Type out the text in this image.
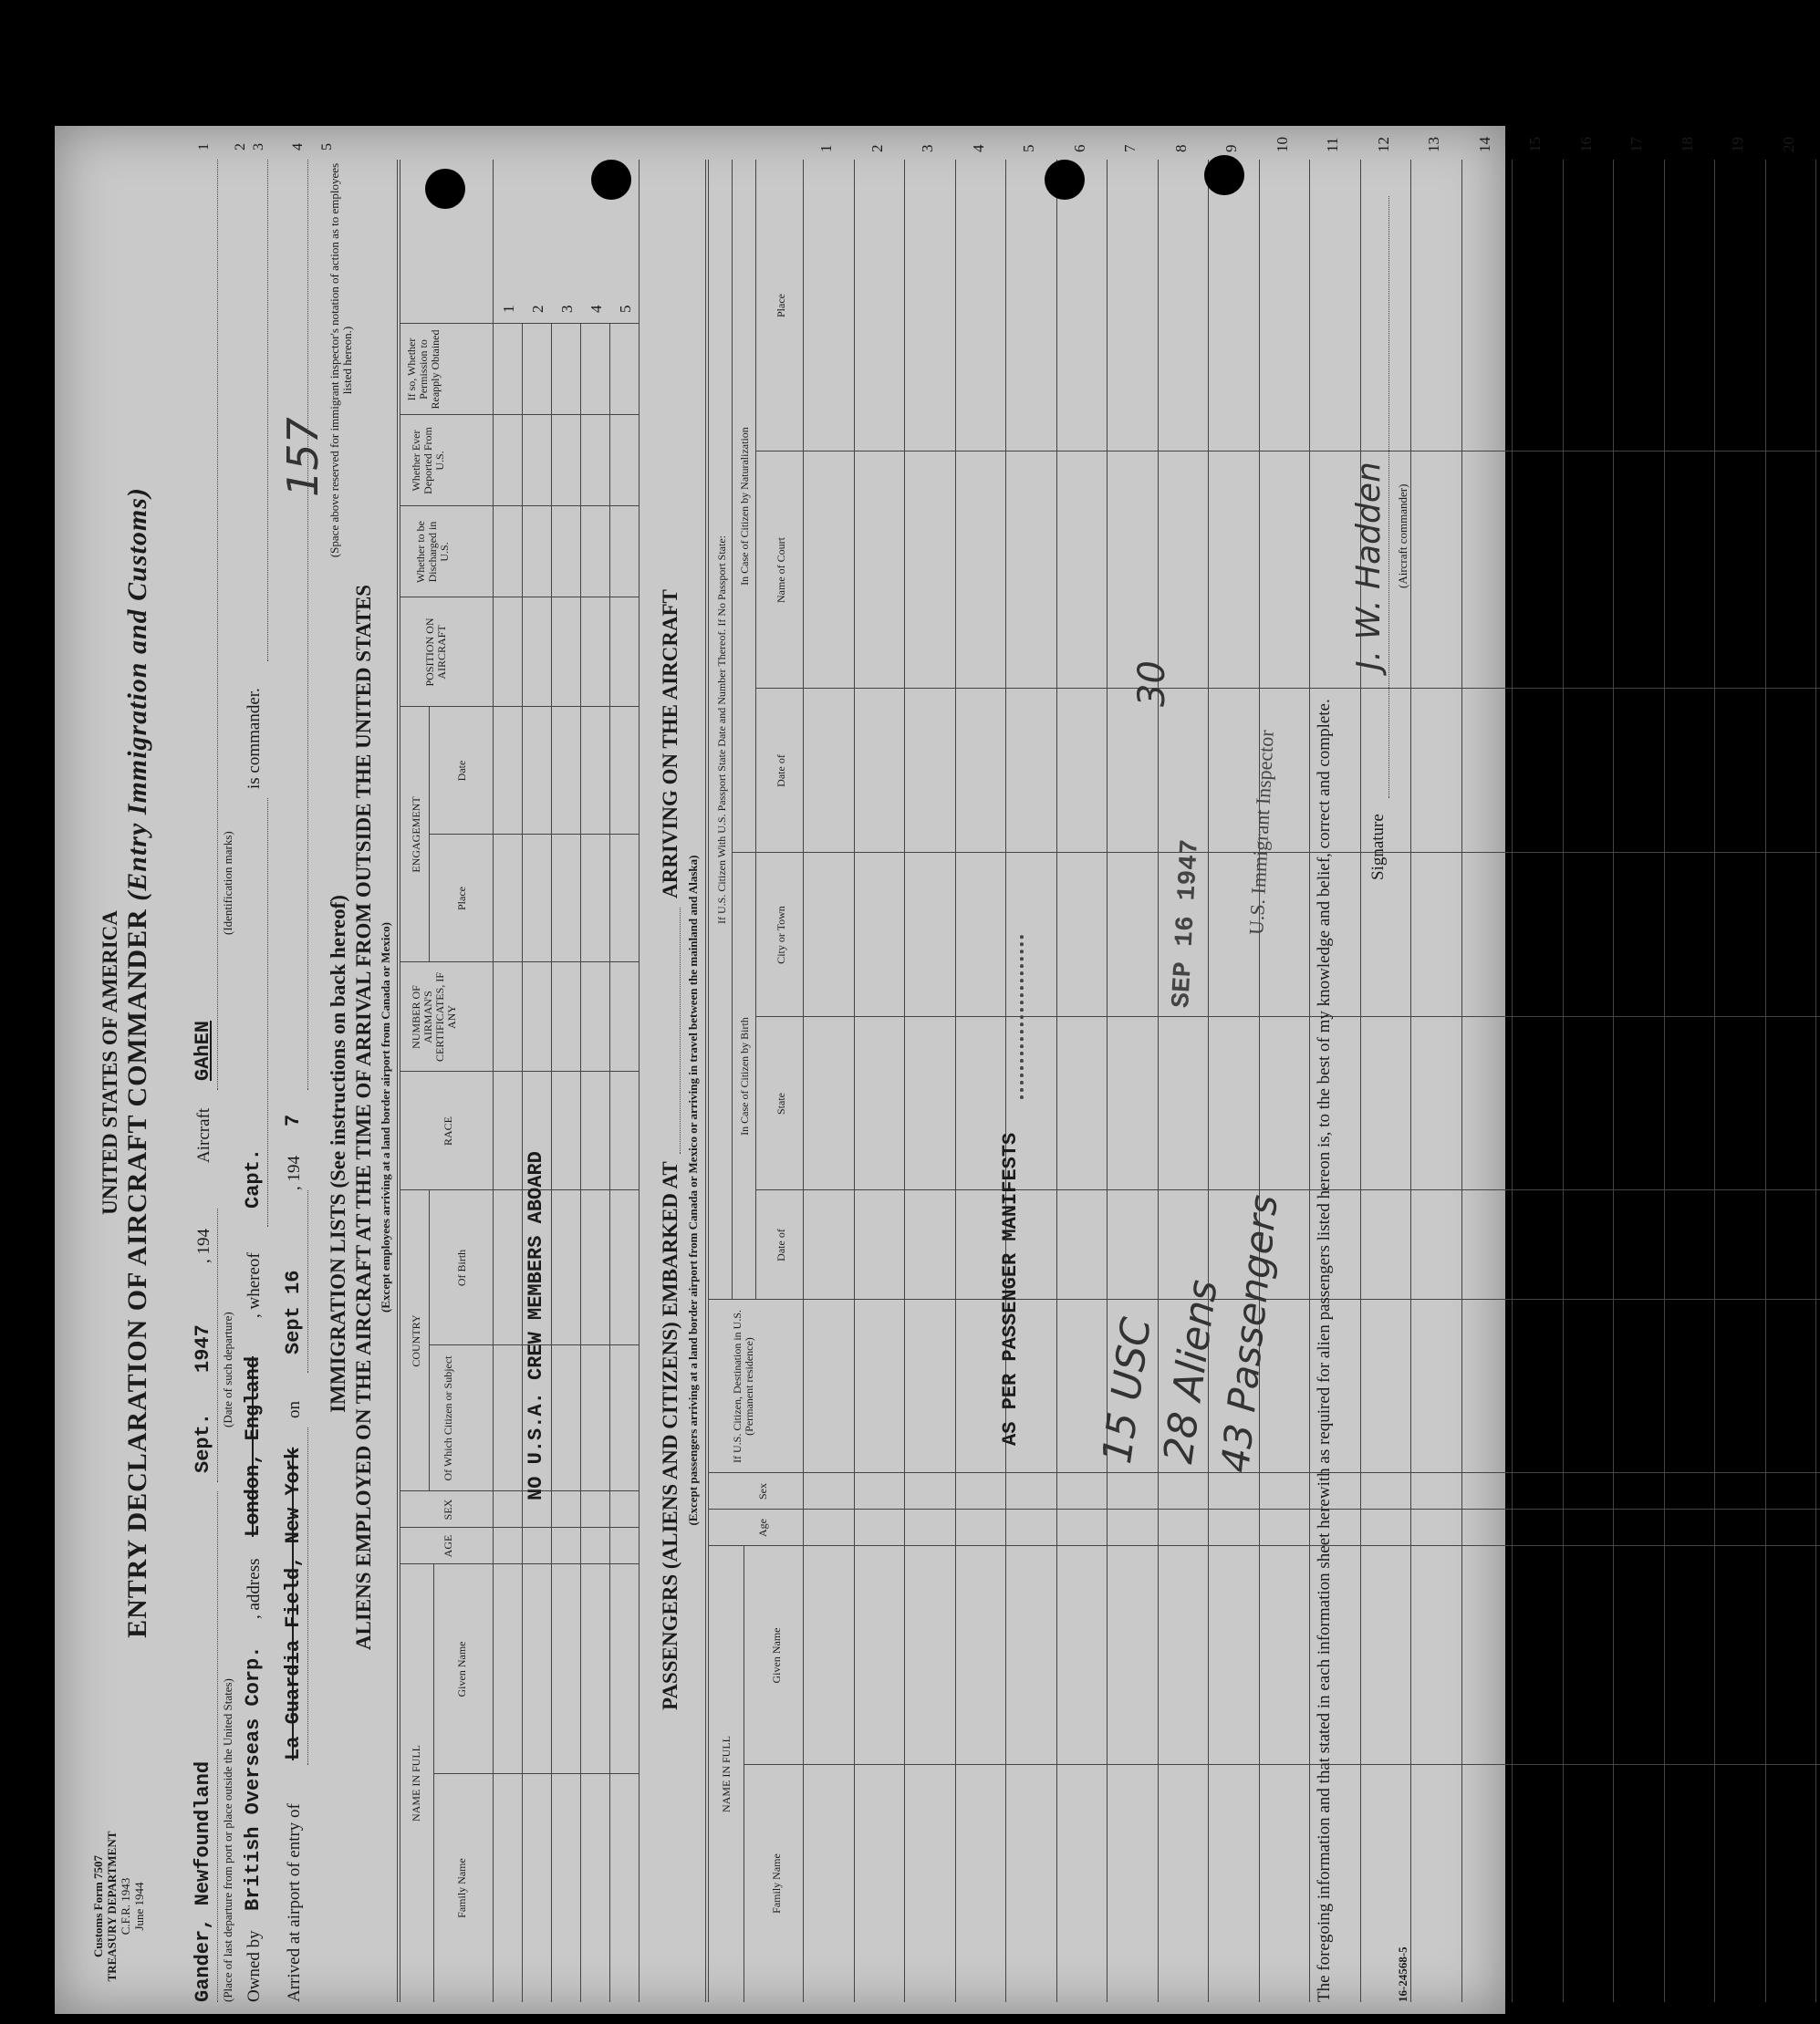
Customs Form 7507 TREASURY DEPARTMENT C.F.R. 1943 June 1944
UNITED STATES OF AMERICA ENTRY DECLARATION OF AIRCRAFT COMMANDER (Entry Immigration and Customs)
Gander, Newfoundland (Place of last departure from port or place outside the United States)
Sept.
1947
, 194
(Date of such departure)
Aircraft
GAhEN
(Identification marks)
Owned by
British Overseas Corp.
, address
London, England
, whereof
Capt.
is commander.
Arrived at airport of entry of
La Guardia Field, New York
on
Sept 16
, 194
7
1 2 3 4 5
157 (Space above reserved for immigrant inspector's notation of action as to employees listed hereon.)
IMMIGRATION LISTS (See instructions on back hereof) ALIENS EMPLOYED ON THE AIRCRAFT AT THE TIME OF ARRIVAL FROM OUTSIDE THE UNITED STATES (Except employees arriving at a land border airport from Canada or Mexico)
NAME IN FULL
Family Name
Given Name
AGE
SEX
COUNTRY
Of Which Citizen or Subject
Of Birth
RACE
NUMBER OF AIRMAN'S CERTIFICATES, IF ANY
ENGAGEMENT
Place
Date
POSITION ON AIRCRAFT
Whether to be Discharged in U.S.
Whether Ever Deported From U.S.
If so, Whether Permission to Reapply Obtained
1 2 3 4 5
NO U.S.A. CREW MEMBERS ABOARD	PASSENGERS (ALIENS AND CITIZENS) EMBARKED AT
ARRIVING ON THE AIRCRAFT
(Except passengers arriving at a land border airport from Canada or Mexico or arriving in travel between the mainland and Alaska)
NAME IN FULL
Family Name
Given Name
Age
Sex
If U.S. Citizen, Destination in U.S. (Permanent residence)
If U.S. Citizen With U.S. Passport State Date and Number Thereof. If No Passport State:
In Case of Citizen by Birth
In Case of Citizen by Naturalization
Date of
State
City or Town
Date of
Name of Court
Place
1 2 3 4 5 6 7 8 9 10 11 12 13 14 15 16 17 18 19 20
AS PER PASSENGER MANIFESTS 15 USC
28 Aliens
43 Passengers
SEP 16 1947 U.S. Immigrant Inspector
30
The foregoing information and that stated in each information sheet herewith as required for alien passengers listed hereon is, to the best of my knowledge and belief, correct and complete. Signature
J. W. Hadden (Aircraft commander)
16-24568-5
